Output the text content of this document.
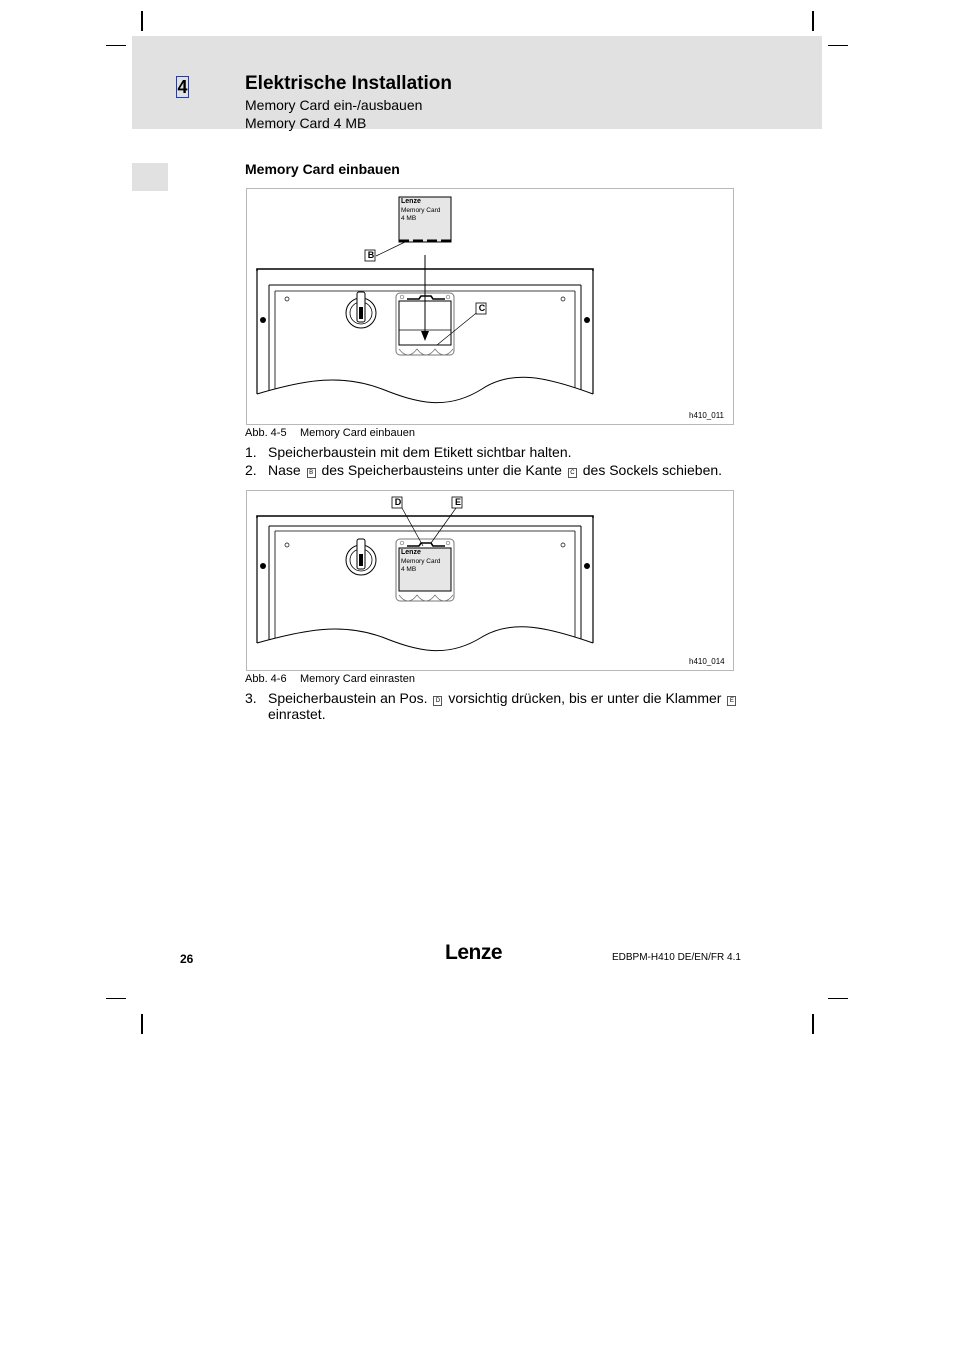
4	Elektrische Installation
Memory Card ein-/ausbauen
Memory Card 4 MB
Memory Card einbauen
Lenze
Memory Card
4 MB
B
C
h410_011
Abb. 4-5 Memory Card einbauen
1. Speicherbaustein mit dem Etikett sichtbar halten.
2. Nase B des Speicherbausteins unter die Kante C des Sockels schieben.
Lenze
Memory Card
4 MB
D	E
h410_014
Abb. 4-6 Memory Card einrasten
3. Speicherbaustein an Pos. D vorsichtig drücken, bis er unter die Klammer E
einrastet.
26	Lenze	EDBPM-H410 DE/EN/FR 4.1
